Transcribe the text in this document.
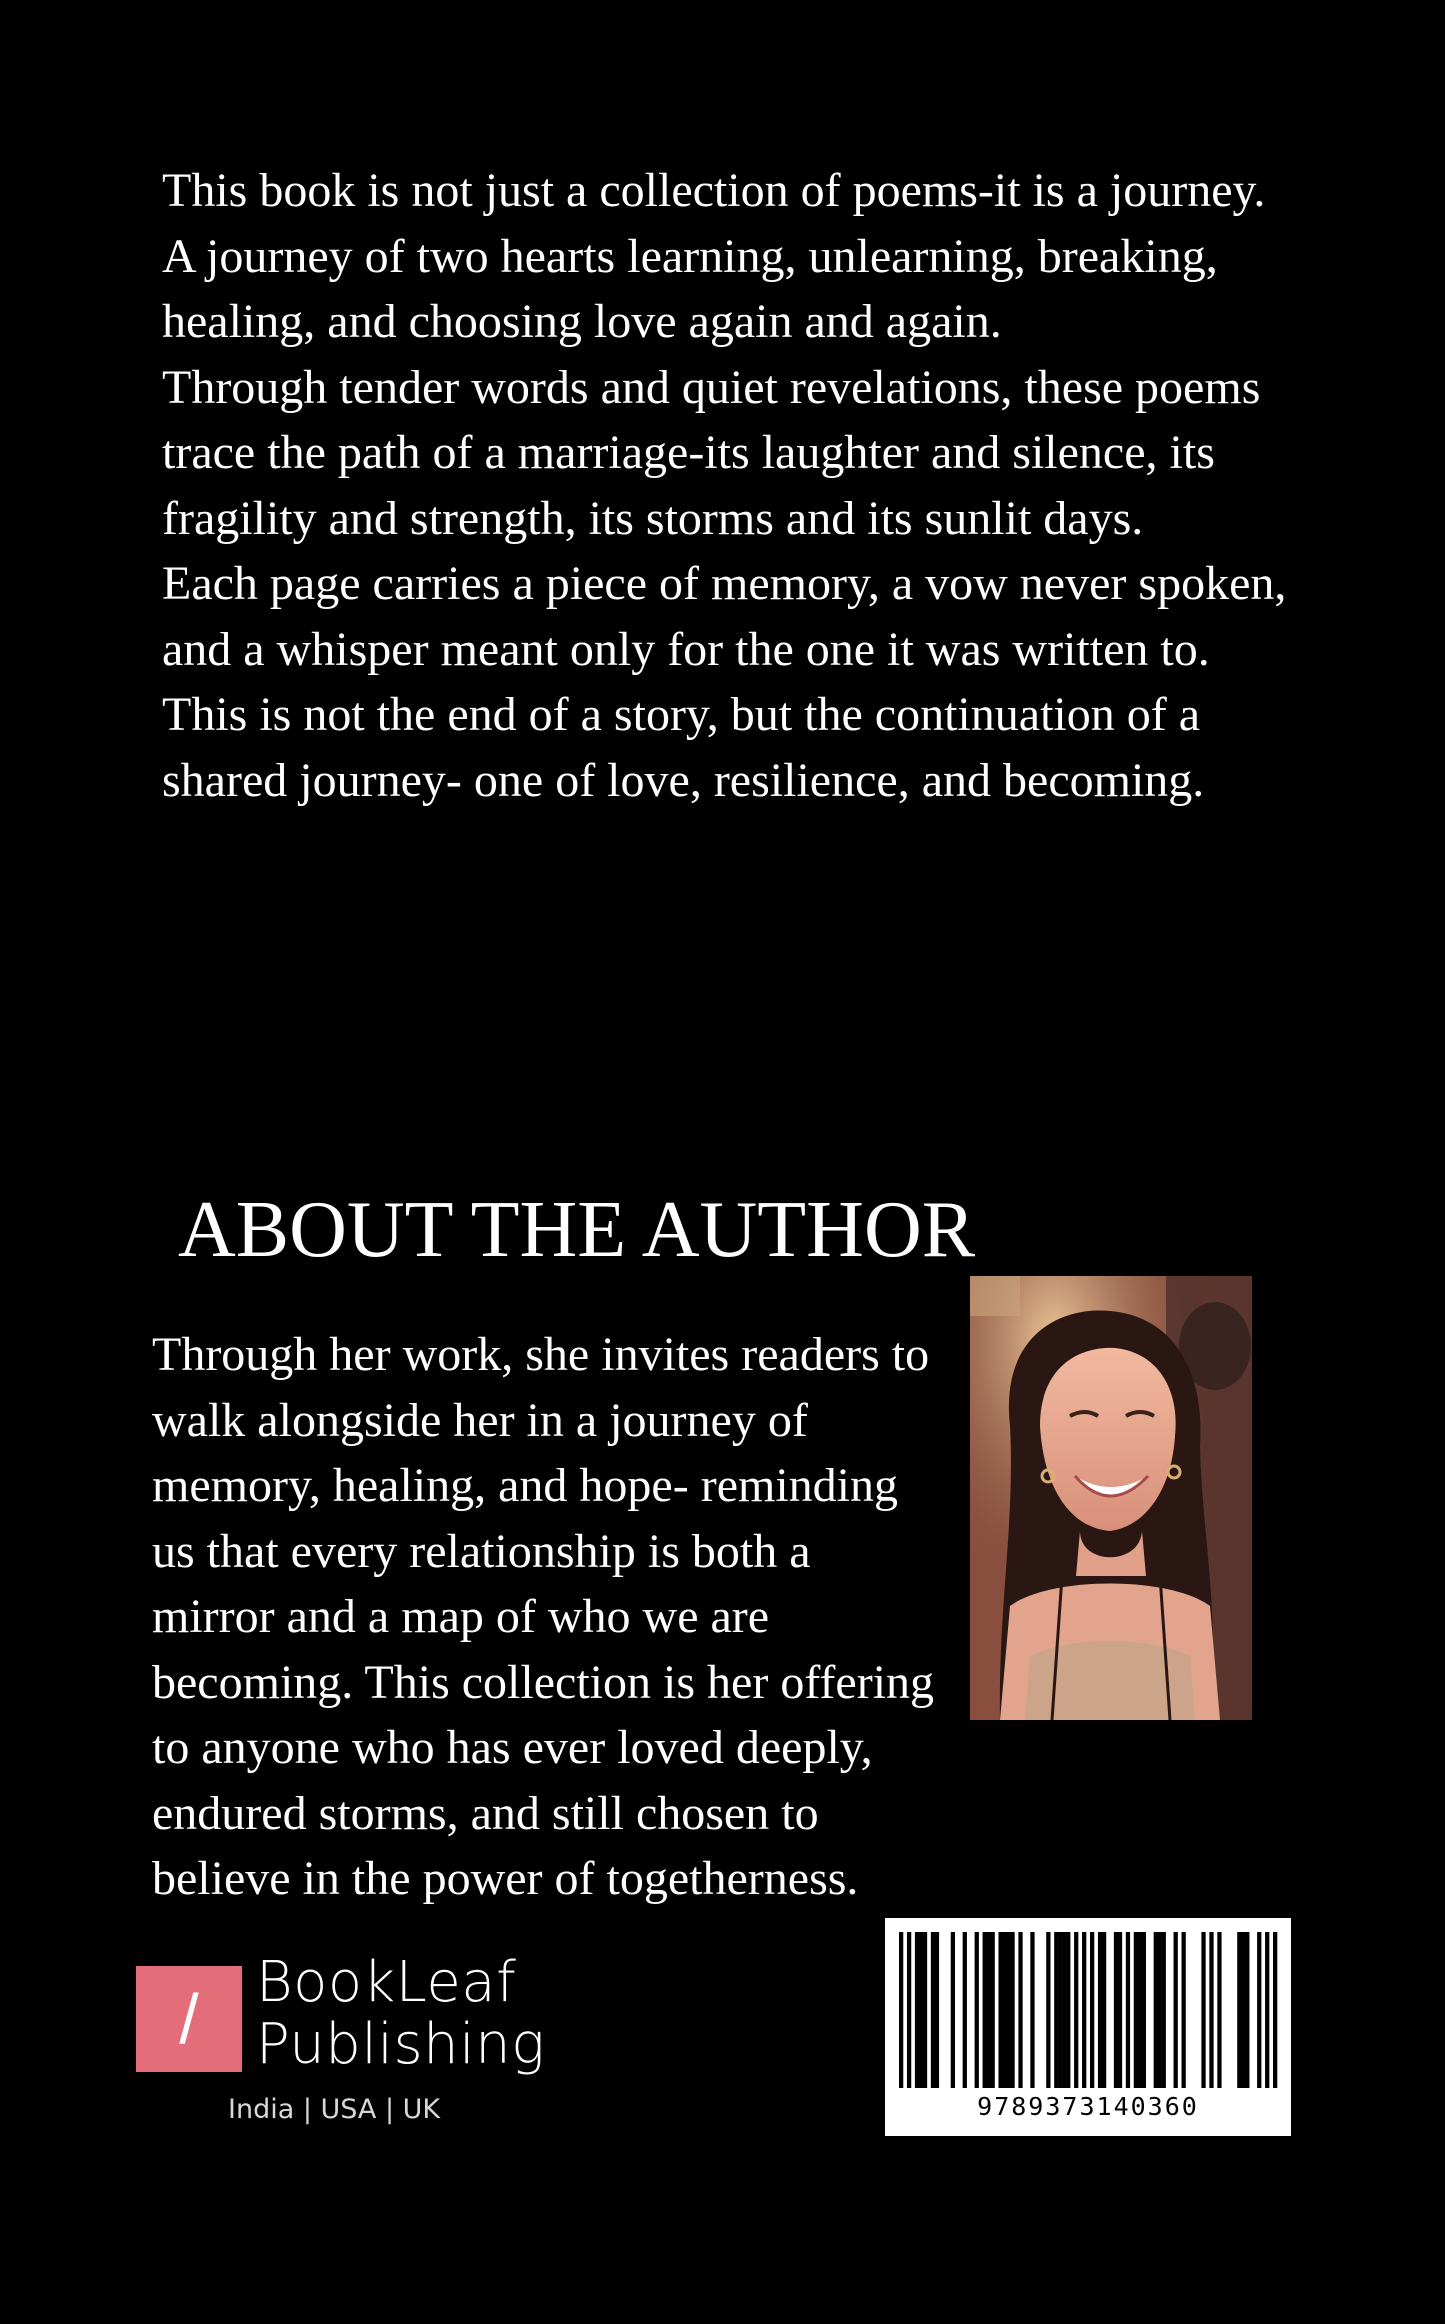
This book is not just a collection of poems-it is a journey.

A journey of two hearts learning, unlearning, breaking, healing, and choosing love again and again.

Through tender words and quiet revelations, these poems trace the path of a marriage-its laughter and silence, its fragility and strength, its storms and its sunlit days.

Each page carries a piece of memory, a vow never spoken, and a whisper meant only for the one it was written to.

This is not the end of a story, but the continuation of a shared journey- one of love, resilience, and becoming.

ABOUT THE AUTHOR
Through her work, she invites readers to
walk alongside her in a journey of
memory, healing, and hope- reminding
us that every relationship is both a
mirror and a map of who we are
becoming. This collection is her offering
to anyone who has ever loved deeply,
endured storms, and still chosen to
believe in the power of togetherness.
/	BookLeaf
Publishing
India | USA | UK	9789373140360
